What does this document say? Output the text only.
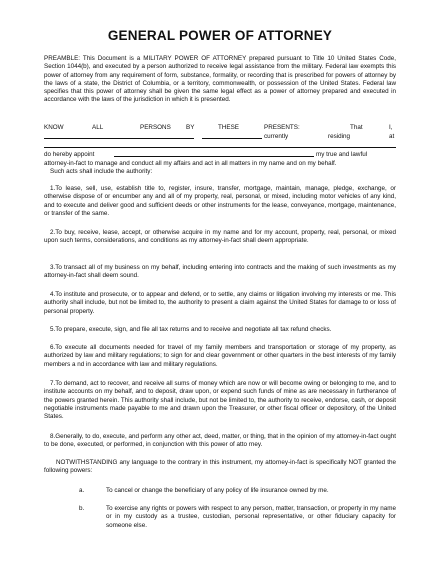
GENERAL POWER OF ATTORNEY
PREAMBLE: This Document is a MILITARY POWER OF ATTORNEY prepared pursuant to Title 10 United States Code, Section 1044(b), and executed by a person authorized to receive legal assistance from the military. Federal law exempts this power of attorney from any requirement of form, substance, formality, or recording that is prescribed for powers of attorney by the laws of a state, the District of Columbia, or a territory, commonwealth, or possession of the United States. Federal law specifies that this power of attorney shall be given the same legal effect as a power of attorney prepared and executed in accordance with the laws of the jurisdiction in which it is presented.
KNOW	ALL	PERSONS BY	THESE	PRESENTS:	That	I,
currently	residing	at
do hereby appoint	my true and lawful
attorney-in-fact to manage and conduct all my affairs and act in all matters in my name and on my behalf.
Such acts shall include the authority:
1.To lease, sell, use, establish title to, register, insure, transfer, mortgage, maintain, manage, pledge, exchange, or otherwise dispose of or encumber any and all of my property, real, personal, or mixed, including motor vehicles of any kind, and to execute and deliver good and sufficient deeds or other instruments for the lease, conveyance, mortgage, maintenance, or transfer of the same.
2.To buy, receive, lease, accept, or otherwise acquire in my name and for my account, property, real, personal, or mixed upon such terms, considerations, and conditions as my attorney-in-fact shall deem appropriate.
3.To transact all of my business on my behalf, including entering into contracts and the making of such investments as my attorney-in-fact shall deem sound.
4.To institute and prosecute, or to appear and defend, or to settle, any claims or litigation involving my interests or me. This authority shall include, but not be limited to, the authority to present a claim against the United States for damage to or loss of personal property.
5.To prepare, execute, sign, and file all tax returns and to receive and negotiate all tax refund checks.
6.To execute all documents needed for travel of my family members and transportation or storage of my property, as authorized by law and military regulations; to sign for and clear government or other quarters in the best interests of my family members a nd in accordance with law and military regulations.
7.To demand, act to recover, and receive all sums of money which are now or will become owing or belonging to me, and to institute accounts on my behalf, and to deposit, draw upon, or expend such funds of mine as are necessary in furtherance of the powers granted herein. This authority shall include, but not be limited to, the authority to receive, endorse, cash, or deposit negotiable instruments made payable to me and drawn upon the Treasurer, or other fiscal officer or depository, of the United States.
8.Generally, to do, execute, and perform any other act, deed, matter, or thing, that in the opinion of my attorney-in-fact ought to be done, executed, or performed, in conjunction with this power of atto rney.
NOTWITHSTANDING any language to the contrary in this instrument, my attorney-in-fact is specifically NOT granted the following powers:
a.	To cancel or change the beneficiary of any policy of life insurance owned by me.
b.	To exercise any rights or powers with respect to any person, matter, transaction, or property in my name or in my custody as a trustee, custodian, personal representative, or other fiduciary capacity for someone else.
